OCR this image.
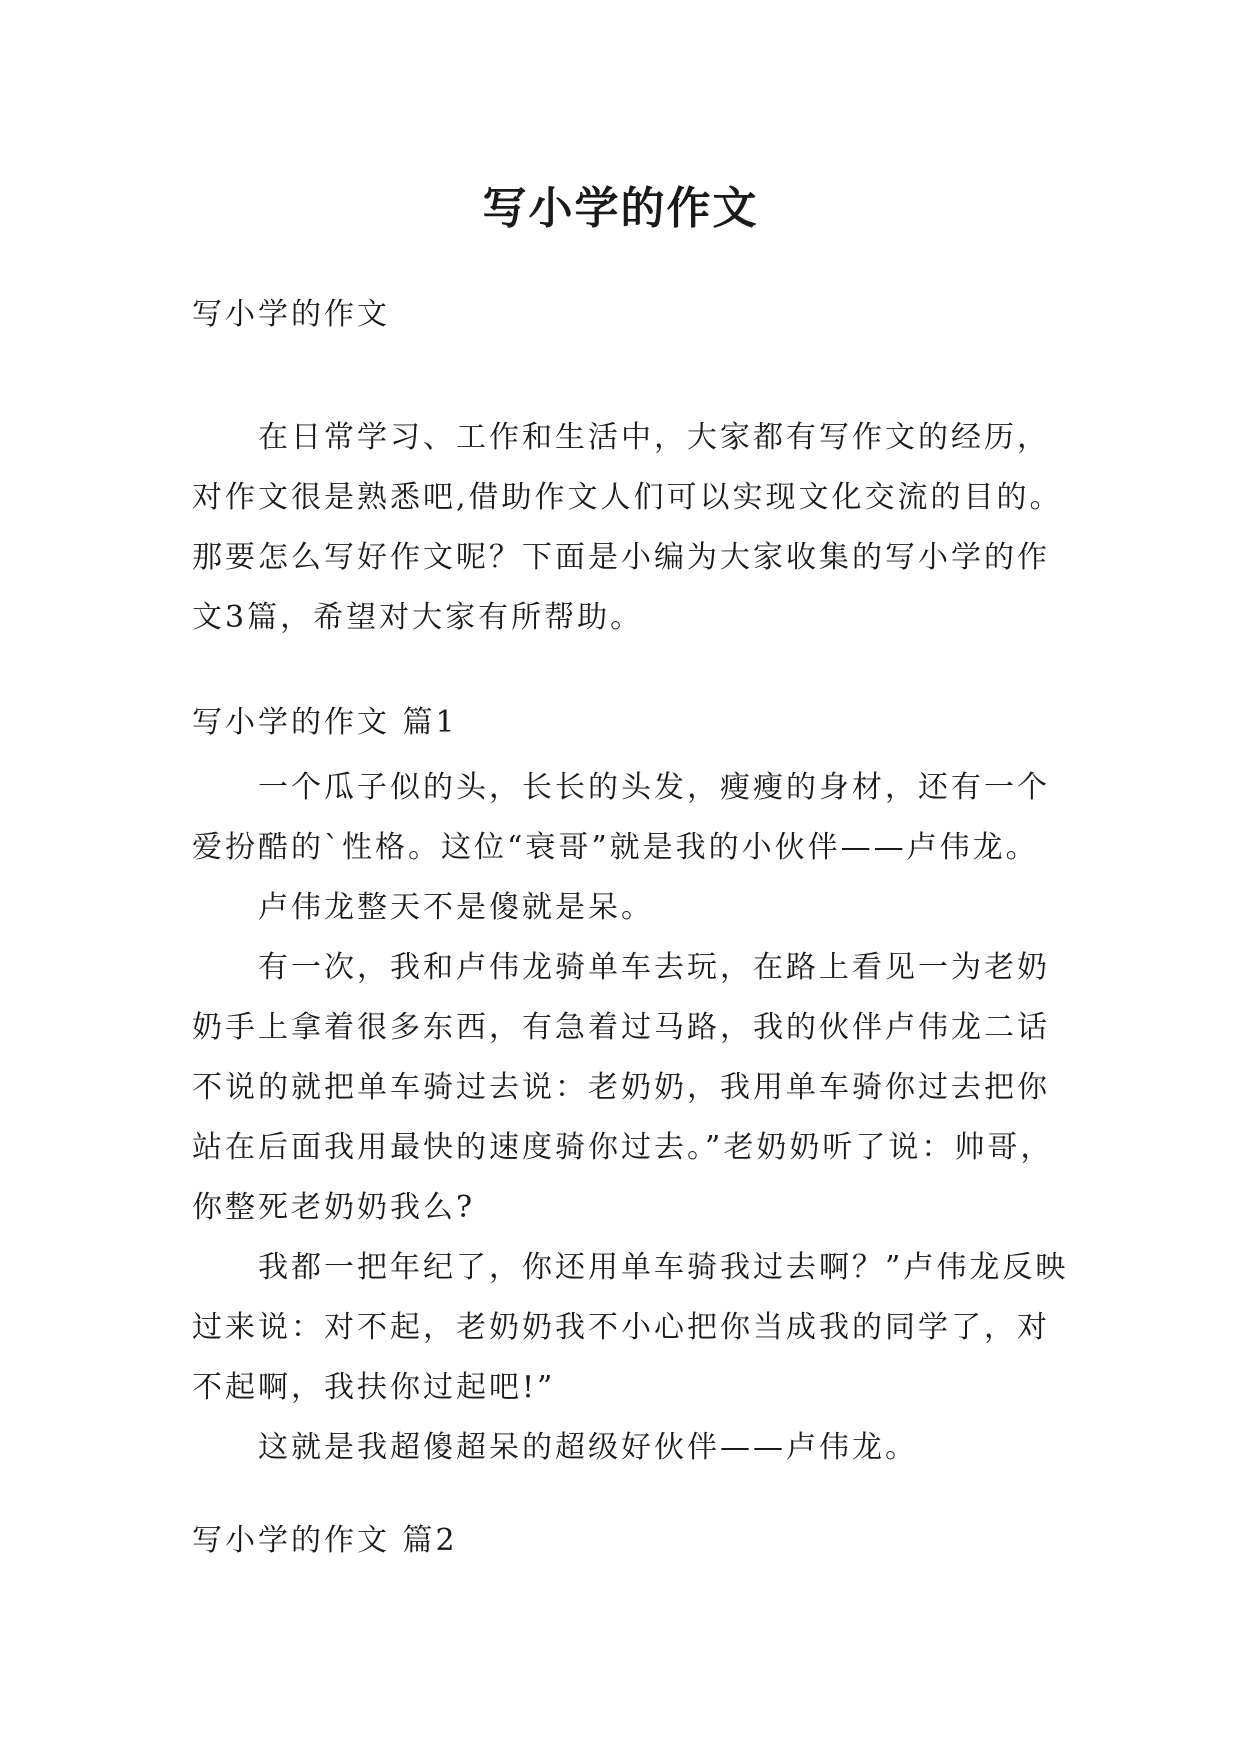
写小学的作文

写小学的作文

在日常学习、工作和生活中，大家都有写作文的经历，对作文很是熟悉吧,借助作文人们可以实现文化交流的目的。那要怎么写好作文呢？下面是小编为大家收集的写小学的作文3篇，希望对大家有所帮助。

写小学的作文 篇1

一个瓜子似的头，长长的头发，瘦瘦的身材，还有一个爱扮酷的`性格。这位“衰哥”就是我的小伙伴——卢伟龙。

卢伟龙整天不是傻就是呆。

有一次，我和卢伟龙骑单车去玩，在路上看见一为老奶奶手上拿着很多东西，有急着过马路，我的伙伴卢伟龙二话不说的就把单车骑过去说：老奶奶，我用单车骑你过去把你站在后面我用最快的速度骑你过去。”老奶奶听了说：帅哥，你整死老奶奶我么?

我都一把年纪了，你还用单车骑我过去啊？”卢伟龙反映过来说：对不起，老奶奶我不小心把你当成我的同学了，对不起啊，我扶你过起吧!”

这就是我超傻超呆的超级好伙伴——卢伟龙。

写小学的作文 篇2
